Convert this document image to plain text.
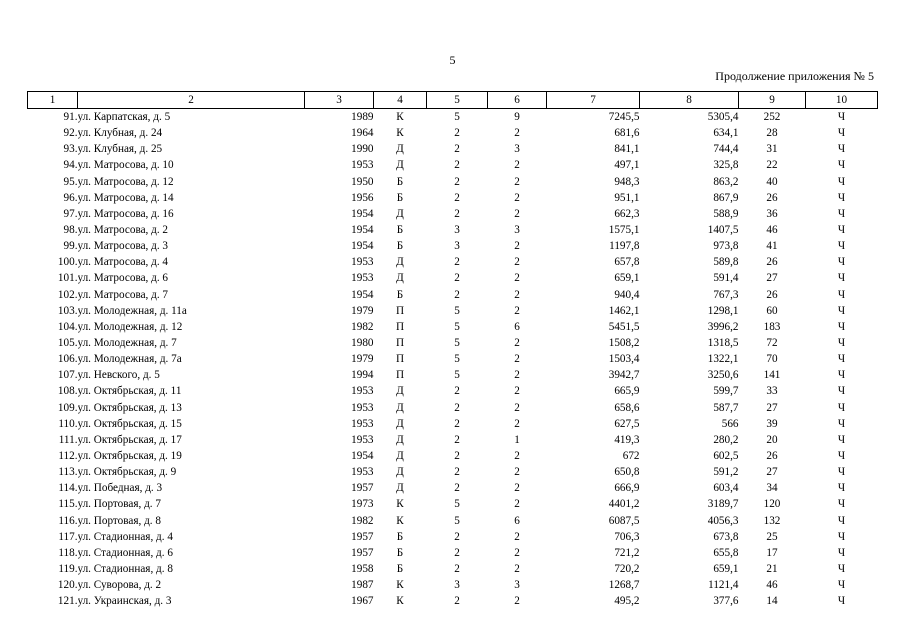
5
Продолжение приложения № 5
1	2	3	4	5	6	7	8	9	10
91.	ул. Карпатская, д. 5	1989	К	5	9	7245,5	5305,4	252	Ч
92.	ул. Клубная, д. 24	1964	К	2	2	681,6	634,1	28	Ч
93.	ул. Клубная, д. 25	1990	Д	2	3	841,1	744,4	31	Ч
94.	ул. Матросова, д. 10	1953	Д	2	2	497,1	325,8	22	Ч
95.	ул. Матросова, д. 12	1950	Б	2	2	948,3	863,2	40	Ч
96.	ул. Матросова, д. 14	1956	Б	2	2	951,1	867,9	26	Ч
97.	ул. Матросова, д. 16	1954	Д	2	2	662,3	588,9	36	Ч
98.	ул. Матросова, д. 2	1954	Б	3	3	1575,1	1407,5	46	Ч
99.	ул. Матросова, д. 3	1954	Б	3	2	1197,8	973,8	41	Ч
100.	ул. Матросова, д. 4	1953	Д	2	2	657,8	589,8	26	Ч
101.	ул. Матросова, д. 6	1953	Д	2	2	659,1	591,4	27	Ч
102.	ул. Матросова, д. 7	1954	Б	2	2	940,4	767,3	26	Ч
103.	ул. Молодежная, д. 11а	1979	П	5	2	1462,1	1298,1	60	Ч
104.	ул. Молодежная, д. 12	1982	П	5	6	5451,5	3996,2	183	Ч
105.	ул. Молодежная, д. 7	1980	П	5	2	1508,2	1318,5	72	Ч
106.	ул. Молодежная, д. 7а	1979	П	5	2	1503,4	1322,1	70	Ч
107.	ул. Невского, д. 5	1994	П	5	2	3942,7	3250,6	141	Ч
108.	ул. Октябрьская, д. 11	1953	Д	2	2	665,9	599,7	33	Ч
109.	ул. Октябрьская, д. 13	1953	Д	2	2	658,6	587,7	27	Ч
110.	ул. Октябрьская, д. 15	1953	Д	2	2	627,5	566	39	Ч
111.	ул. Октябрьская, д. 17	1953	Д	2	1	419,3	280,2	20	Ч
112.	ул. Октябрьская, д. 19	1954	Д	2	2	672	602,5	26	Ч
113.	ул. Октябрьская, д. 9	1953	Д	2	2	650,8	591,2	27	Ч
114.	ул. Победная, д. 3	1957	Д	2	2	666,9	603,4	34	Ч
115.	ул. Портовая, д. 7	1973	К	5	2	4401,2	3189,7	120	Ч
116.	ул. Портовая, д. 8	1982	К	5	6	6087,5	4056,3	132	Ч
117.	ул. Стадионная, д. 4	1957	Б	2	2	706,3	673,8	25	Ч
118.	ул. Стадионная, д. 6	1957	Б	2	2	721,2	655,8	17	Ч
119.	ул. Стадионная, д. 8	1958	Б	2	2	720,2	659,1	21	Ч
120.	ул. Суворова, д. 2	1987	К	3	3	1268,7	1121,4	46	Ч
121.	ул. Украинская, д. 3	1967	К	2	2	495,2	377,6	14	Ч
